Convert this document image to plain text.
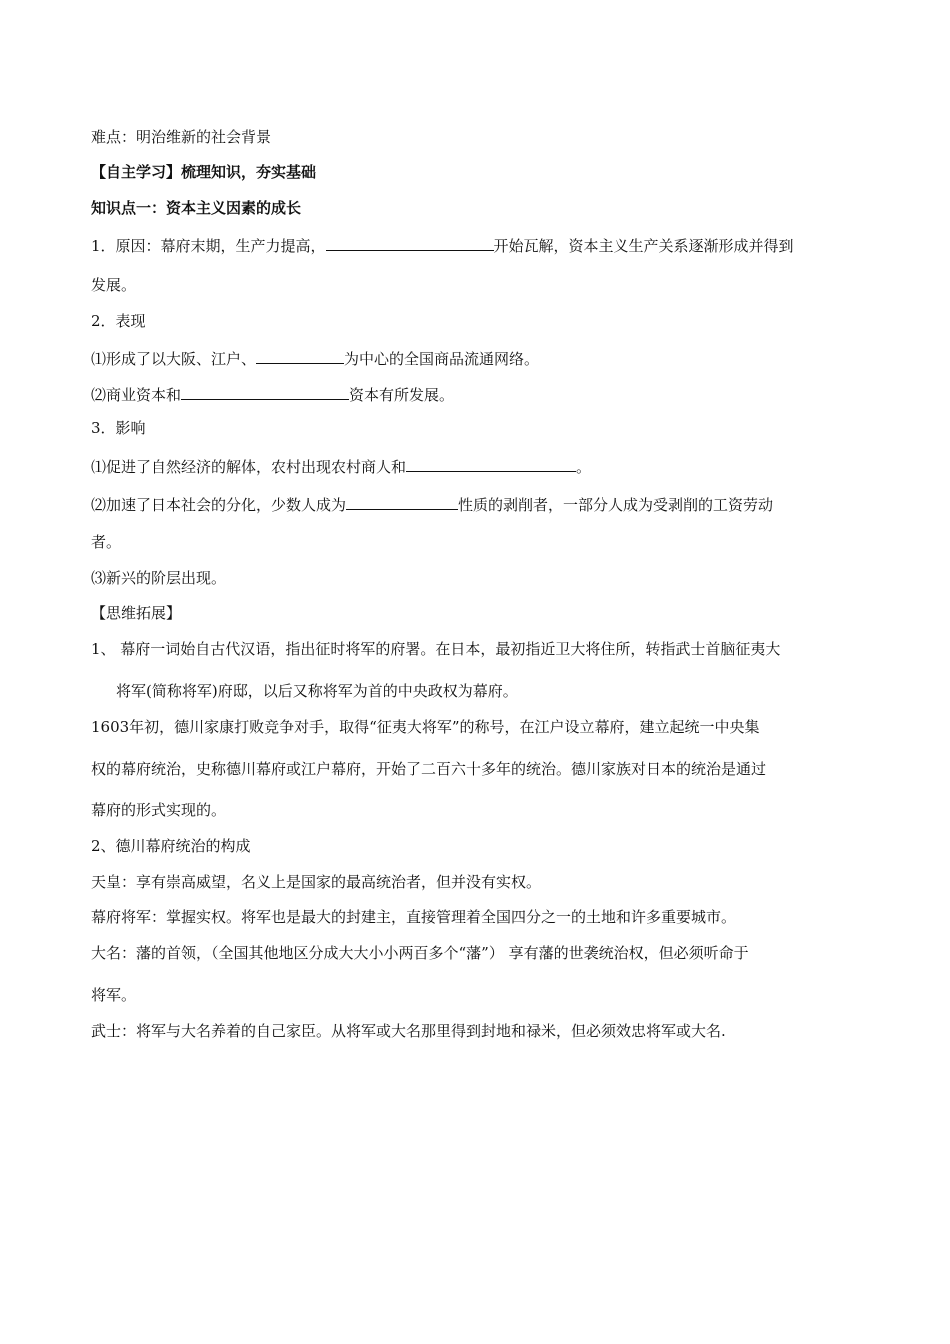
难点：明治维新的社会背景
【自主学习】梳理知识，夯实基础
知识点一：资本主义因素的成长
1．原因：幕府末期，生产力提高，	开始瓦解，资本主义生产关系逐渐形成并得到
发展。
2．表现
⑴形成了以大阪、江户、	为中心的全国商品流通网络。
⑵商业资本和	资本有所发展。
3．影响
⑴促进了自然经济的解体，农村出现农村商人和	。
⑵加速了日本社会的分化，少数人成为	性质的剥削者，一部分人成为受剥削的工资劳动
者。
⑶新兴的阶层出现。
【思维拓展】
1、 幕府一词始自古代汉语，指出征时将军的府署。在日本，最初指近卫大将住所，转指武士首脑征夷大
将军(简称将军)府邸，以后又称将军为首的中央政权为幕府。
1603年初，德川家康打败竞争对手，取得“征夷大将军”的称号，在江户设立幕府，建立起统一中央集
权的幕府统治，史称德川幕府或江户幕府，开始了二百六十多年的统治。德川家族对日本的统治是通过
幕府的形式实现的。
2、德川幕府统治的构成
天皇：享有崇高威望，名义上是国家的最高统治者，但并没有实权。
幕府将军：掌握实权。将军也是最大的封建主，直接管理着全国四分之一的土地和许多重要城市。
大名：藩的首领，（全国其他地区分成大大小小两百多个“藩”） 享有藩的世袭统治权，但必须听命于
将军。
武士：将军与大名养着的自己家臣。从将军或大名那里得到封地和禄米，但必须效忠将军或大名.
